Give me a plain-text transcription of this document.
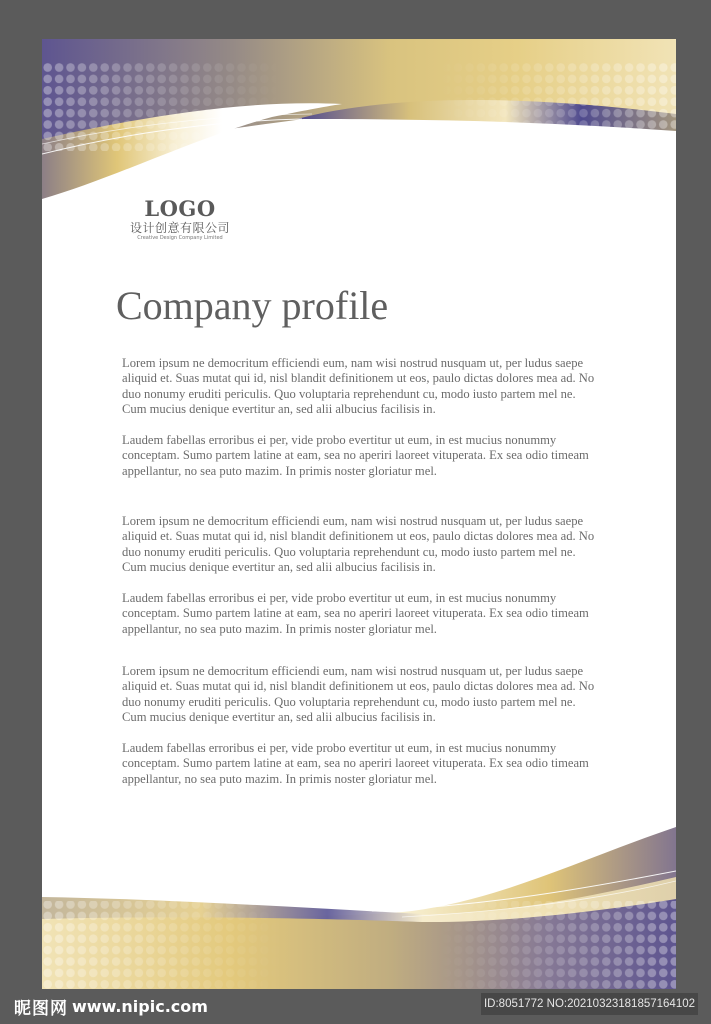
LOGO
设计创意有限公司
Creative Design Company Limited
Company profile

Lorem ipsum ne democritum efficiendi eum, nam wisi nostrud nusquam ut, per ludus saepe aliquid et. Suas mutat qui id, nisl blandit definitionem ut eos, paulo dictas dolores mea ad. No duo nonumy eruditi periculis. Quo voluptaria reprehendunt cu, modo iusto partem mel ne. Cum mucius denique evertitur an, sed alii albucius facilisis in.

Laudem fabellas erroribus ei per, vide probo evertitur ut eum, in est mucius nonummy conceptam. Sumo partem latine at eam, sea no aperiri laoreet vituperata. Ex sea odio timeam appellantur, no sea puto mazim. In primis noster gloriatur mel.

Lorem ipsum ne democritum efficiendi eum, nam wisi nostrud nusquam ut, per ludus saepe aliquid et. Suas mutat qui id, nisl blandit definitionem ut eos, paulo dictas dolores mea ad. No duo nonumy eruditi periculis. Quo voluptaria reprehendunt cu, modo iusto partem mel ne. Cum mucius denique evertitur an, sed alii albucius facilisis in.

Laudem fabellas erroribus ei per, vide probo evertitur ut eum, in est mucius nonummy conceptam. Sumo partem latine at eam, sea no aperiri laoreet vituperata. Ex sea odio timeam appellantur, no sea puto mazim. In primis noster gloriatur mel.

Lorem ipsum ne democritum efficiendi eum, nam wisi nostrud nusquam ut, per ludus saepe aliquid et. Suas mutat qui id, nisl blandit definitionem ut eos, paulo dictas dolores mea ad. No duo nonumy eruditi periculis. Quo voluptaria reprehendunt cu, modo iusto partem mel ne. Cum mucius denique evertitur an, sed alii albucius facilisis in.

Laudem fabellas erroribus ei per, vide probo evertitur ut eum, in est mucius nonummy conceptam. Sumo partem latine at eam, sea no aperiri laoreet vituperata. Ex sea odio timeam appellantur, no sea puto mazim. In primis noster gloriatur mel.

昵图网 www.nipic.com	ID:8051772 NO:20210323181857164102
